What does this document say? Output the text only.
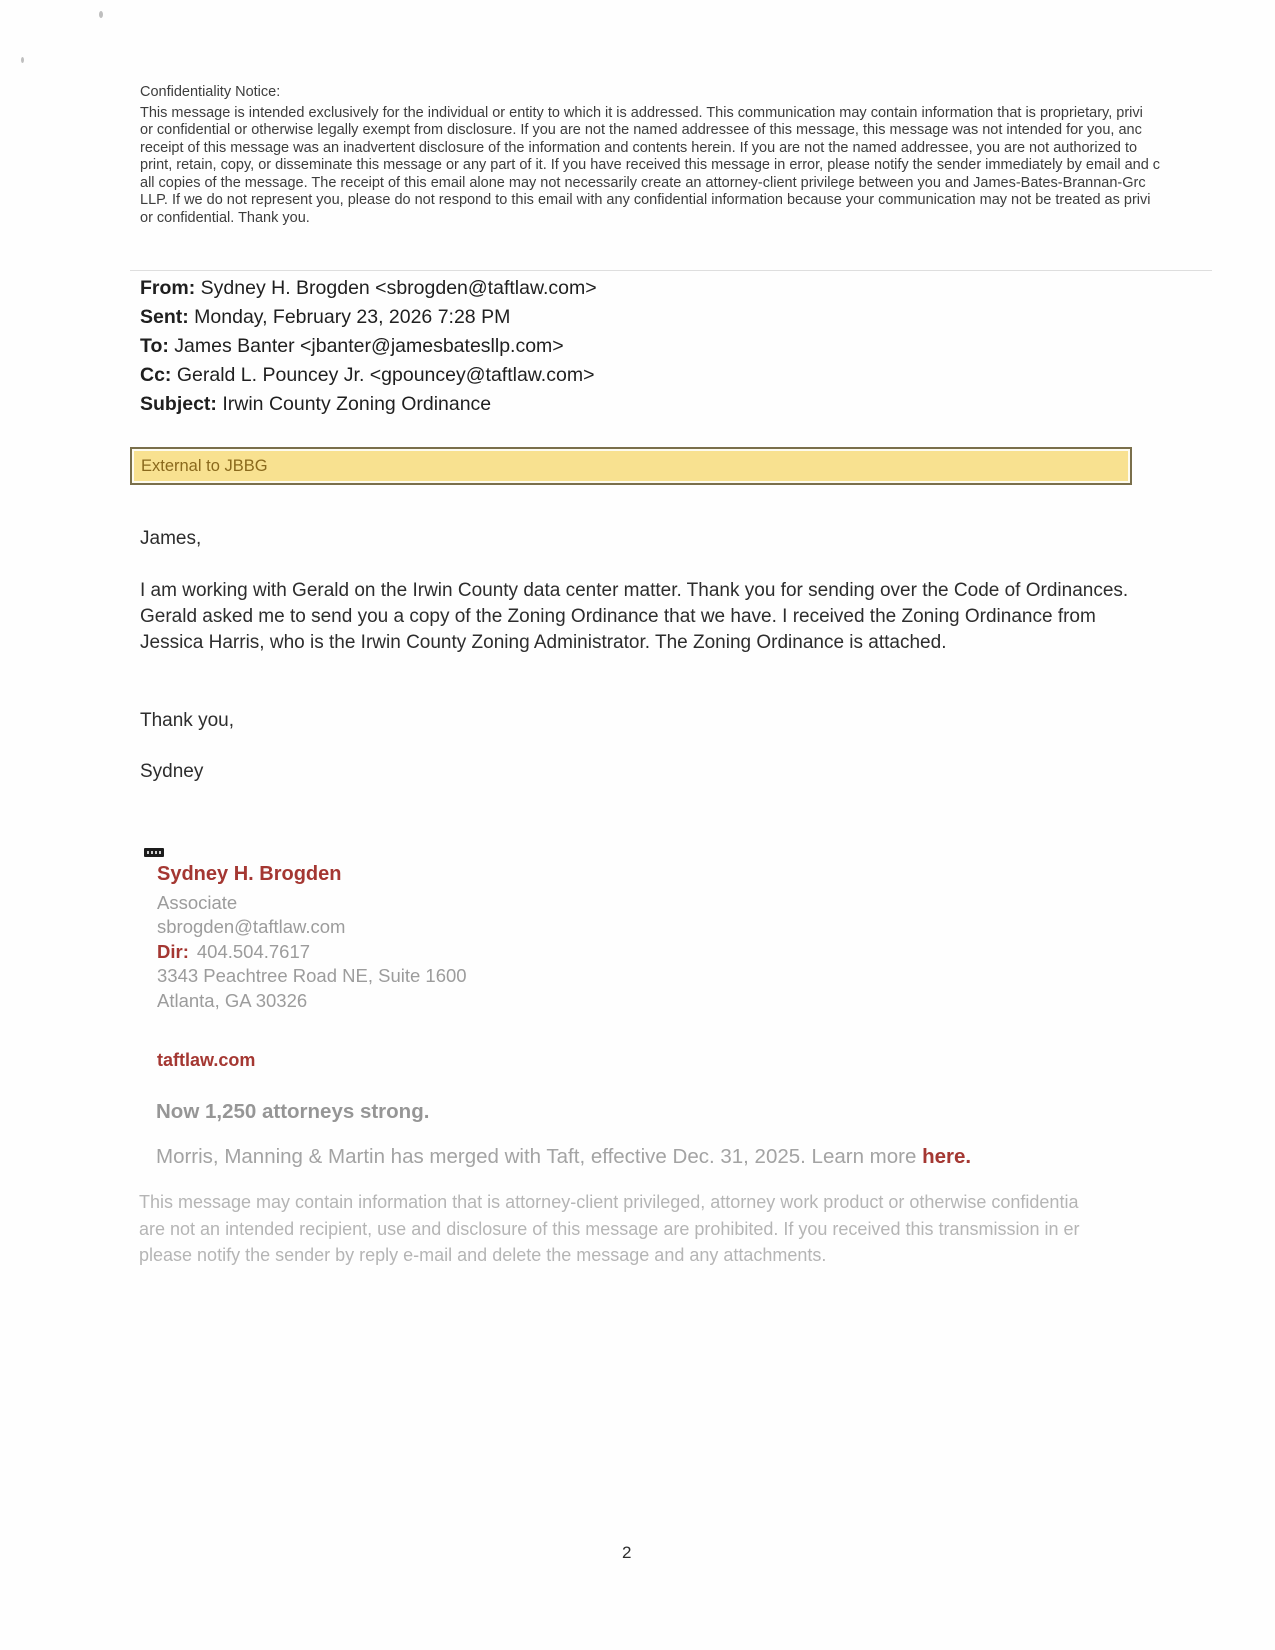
Confidentiality Notice:
This message is intended exclusively for the individual or entity to which it is addressed. This communication may contain information that is proprietary, privi
or confidential or otherwise legally exempt from disclosure. If you are not the named addressee of this message, this message was not intended for you, anc
receipt of this message was an inadvertent disclosure of the information and contents herein. If you are not the named addressee, you are not authorized to
print, retain, copy, or disseminate this message or any part of it. If you have received this message in error, please notify the sender immediately by email and c
all copies of the message. The receipt of this email alone may not necessarily create an attorney-client privilege between you and James-Bates-Brannan-Grc
LLP. If we do not represent you, please do not respond to this email with any confidential information because your communication may not be treated as privi
or confidential. Thank you.
From: Sydney H. Brogden <sbrogden@taftlaw.com>
Sent: Monday, February 23, 2026 7:28 PM
To: James Banter <jbanter@jamesbatesllp.com>
Cc: Gerald L. Pouncey Jr. <gpouncey@taftlaw.com>
Subject: Irwin County Zoning Ordinance
External to JBBG
James,
I am working with Gerald on the Irwin County data center matter. Thank you for sending over the Code of Ordinances. Gerald asked me to send you a copy of the Zoning Ordinance that we have. I received the Zoning Ordinance from Jessica Harris, who is the Irwin County Zoning Administrator. The Zoning Ordinance is attached.
Thank you,
Sydney
Sydney H. Brogden
Associate
sbrogden@taftlaw.com
Dir: 404.504.7617
3343 Peachtree Road NE, Suite 1600
Atlanta, GA 30326
taftlaw.com
Now 1,250 attorneys strong.
Morris, Manning & Martin has merged with Taft, effective Dec. 31, 2025. Learn more here.
This message may contain information that is attorney-client privileged, attorney work product or otherwise confidentia
are not an intended recipient, use and disclosure of this message are prohibited. If you received this transmission in er
please notify the sender by reply e-mail and delete the message and any attachments.
2
